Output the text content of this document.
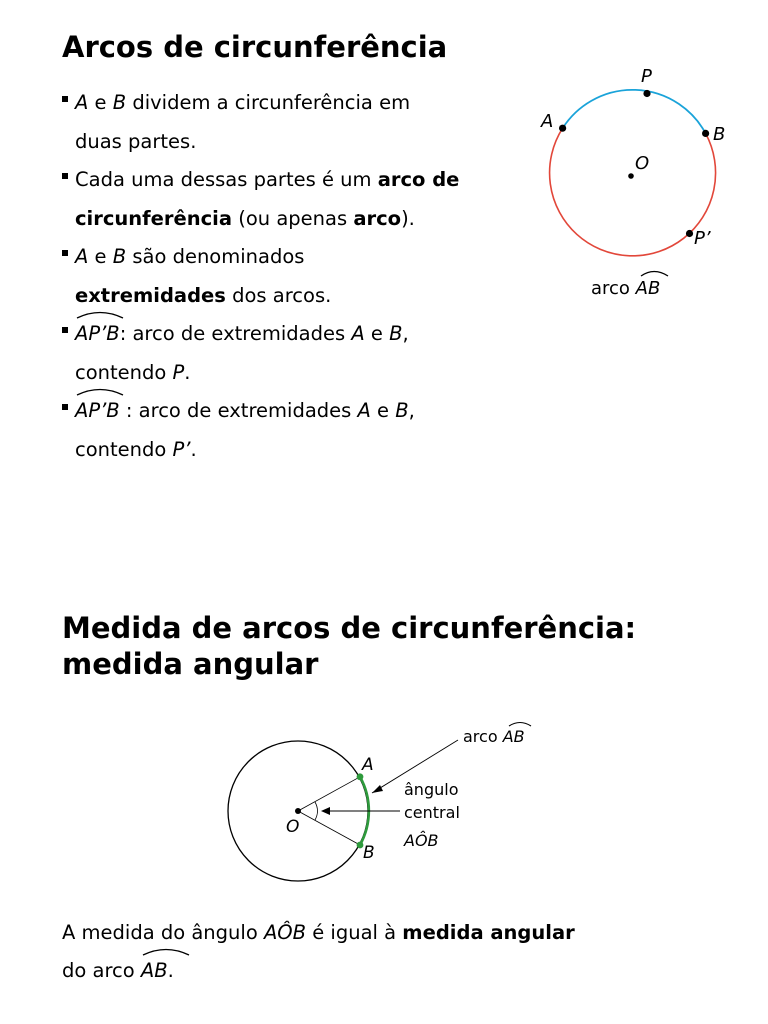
Arcos de circunferência
A e B dividem a circunferência em
duas partes.
Cada uma dessas partes é um arco de
circunferência (ou apenas arco).
A e B são denominados
extremidades dos arcos.
AP’B: arco de extremidades A e B,
contendo P.
AP’B : arco de extremidades A e B,
contendo P’.
P
A
B
O
P’
arco AB
Medida de arcos de circunferência:
medida angular
A
B
O
arco AB
ângulo
central
AÔB
A medida do ângulo AÔB é igual à medida angular
do arco
AB.
